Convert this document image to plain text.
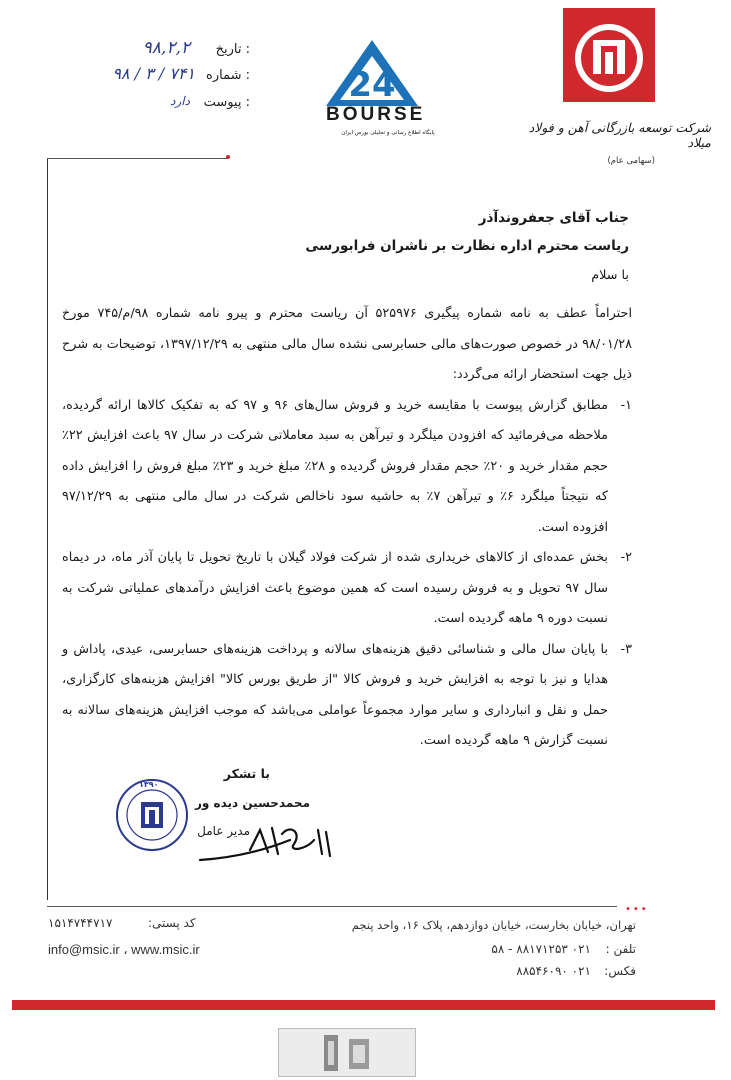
تاریخ :
۹۸,۲,۲
شماره :
۹۸ / ۳ / ۷۴۱
پیوست :
دارد	24
BOURSE
پایگاه اطلاع رسانی و تحلیلی بورس ایران	شرکت توسعه بازرگانی آهن و فولاد میلاد
(سهامی عام)
•••
جناب آقای جعفروندآذر
ریاست محترم اداره نظارت بر ناشران فرابورسی
با سلام
احتراماً عطف به نامه شماره پیگیری ۵۲۵۹۷۶ آن ریاست محترم و پیرو نامه شماره ۹۸/م/۷۴۵ مورخ ۹۸/۰۱/۲۸ در خصوص صورت‌های مالی حسابرسی نشده سال مالی منتهی به ۱۳۹۷/۱۲/۲۹، توضیحات به شرح ذیل جهت استحضار ارائه می‌گردد:
۱-
مطابق گزارش پیوست با مقایسه خرید و فروش سال‌های ۹۶ و ۹۷ که به تفکیک کالاها ارائه گردیده، ملاحظه می‌فرمائید که افزودن میلگرد و تیرآهن به سبد معاملاتی شرکت در سال ۹۷ باعث افزایش ۲۲٪ حجم مقدار خرید و ۲۰٪ حجم مقدار فروش گردیده و ۲۸٪ مبلغ خرید و ۲۳٪ مبلغ فروش را افزایش داده که نتیجتاً میلگرد ۶٪ و تیرآهن ۷٪ به حاشیه سود ناخالص شرکت در سال مالی منتهی به ۹۷/۱۲/۲۹ افزوده است.
۲-
بخش عمده‌ای از کالاهای خریداری شده از شرکت فولاد گیلان با تاریخ تحویل تا پایان آذر ماه، در دیماه سال ۹۷ تحویل و به فروش رسیده است که همین موضوع باعث افزایش درآمدهای عملیاتی شرکت به نسبت دوره ۹ ماهه گردیده است.
۳-
با پایان سال مالی و شناسائی دقیق هزینه‌های سالانه و پرداخت هزینه‌های حسابرسی، عیدی، پاداش و هدایا و نیز با توجه به افزایش خرید و فروش کالا "از طریق بورس کالا" افزایش هزینه‌های کارگزاری، حمل و نقل و انبارداری و سایر موارد مجموعاً عواملی می‌باشد که موجب افزایش هزینه‌های سالانه به نسبت گزارش ۹ ماهه گردیده است.
با تشکر
محمدحسین دیده ور
مدیر عامل
۱۳۹۰
کد پستی:
۱۵۱۴۷۴۴۷۱۷
info@msic.ir ، www.msic.ir
تهران، خیابان بخارست، خیابان دوازدهم، پلاک ۱۶، واحد پنجم
تلفن :
۰۲۱ ۸۸۱۷۱۲۵۳ - ۵۸
فکس:
۰۲۱ ۸۸۵۴۶۰۹۰
